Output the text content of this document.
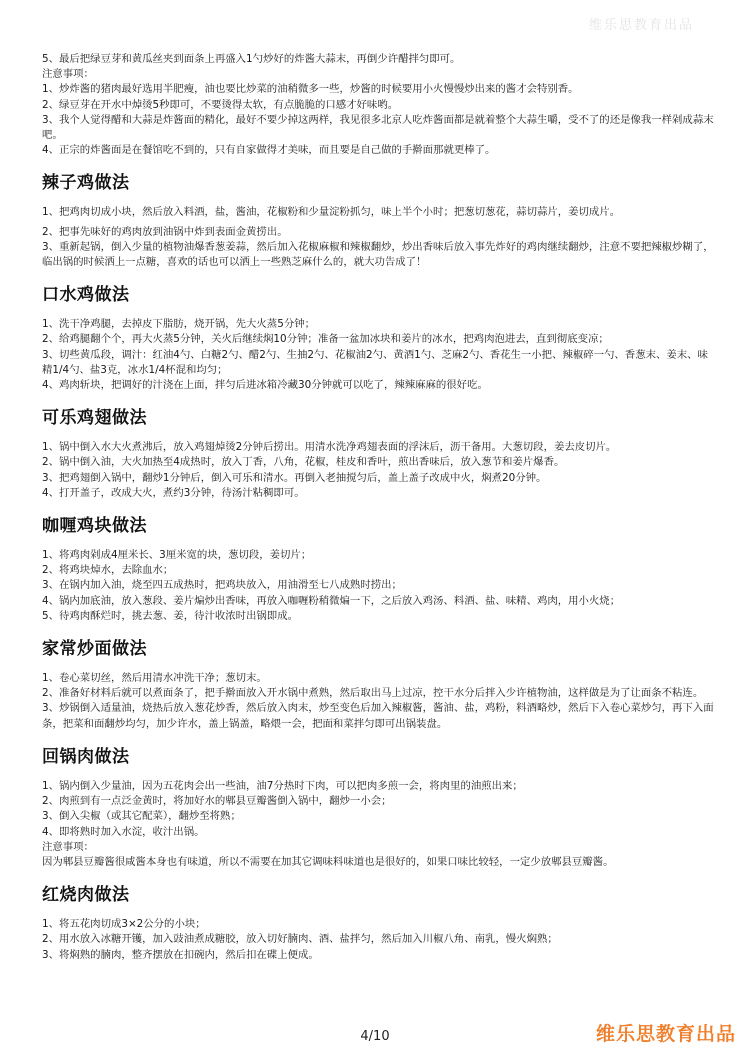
维乐思教育出品

5、最后把绿豆芽和黄瓜丝夹到面条上再盛入1勺炒好的炸酱大蒜末，再倒少许醋拌匀即可。

注意事项：

1、炒炸酱的猪肉最好选用半肥瘦，油也要比炒菜的油稍微多一些，炒酱的时候要用小火慢慢炒出来的酱才会特别香。

2、绿豆芽在开水中焯烫5秒即可，不要烫得太软，有点脆脆的口感才好味哟。

3、我个人觉得醋和大蒜是炸酱面的精化，最好不要少掉这两样，我见很多北京人吃炸酱面都是就着整个大蒜生嚼，受不了的还是像我一样剁成蒜末吧。

4、正宗的炸酱面是在餐馆吃不到的，只有自家做得才美味，而且要是自己做的手擀面那就更棒了。

辣子鸡做法

1、把鸡肉切成小块，然后放入料酒，盐，酱油，花椒粉和少量淀粉抓匀，味上半个小时；把葱切葱花，蒜切蒜片，姜切成片。

2、把事先味好的鸡肉放到油锅中炸到表面金黄捞出。

3、重新起锅，倒入少量的植物油爆香葱姜蒜，然后加入花椒麻椒和辣椒翻炒，炒出香味后放入事先炸好的鸡肉继续翻炒，注意不要把辣椒炒糊了，临出锅的时候洒上一点糖，喜欢的话也可以洒上一些熟芝麻什么的，就大功告成了！

口水鸡做法

1、洗干净鸡腿，去掉皮下脂肪，烧开锅，先大火蒸5分钟；

2、给鸡腿翻个个，再大火蒸5分钟，关火后继续焖10分钟；准备一盆加冰块和姜片的冰水，把鸡肉泡进去，直到彻底变凉；

3、切些黄瓜段，调汁：红油4勺、白糖2勺、醋2勺、生抽2勺、花椒油2勺、黄酒1勺、芝麻2勺、香花生一小把、辣椒碎一勺、香葱末、姜末、味精1/4勺、盐3克，冰水1/4杯混和均匀；

4、鸡肉斩块，把调好的汁浇在上面，拌匀后进冰箱冷藏30分钟就可以吃了，辣辣麻麻的很好吃。

可乐鸡翅做法

1、锅中倒入水大火煮沸后，放入鸡翅焯烫2分钟后捞出。用清水洗净鸡翅表面的浮沫后，沥干备用。大葱切段，姜去皮切片。

2、锅中倒入油，大火加热至4成热时，放入丁香，八角，花椒，桂皮和香叶，煎出香味后，放入葱节和姜片爆香。

3、把鸡翅倒入锅中，翻炒1分钟后，倒入可乐和清水。再倒入老抽搅匀后，盖上盖子改成中火，焖煮20分钟。

4、打开盖子，改成大火，煮约3分钟，待汤汁粘稠即可。

咖喱鸡块做法

1、将鸡肉剁成4厘米长、3厘米宽的块，葱切段，姜切片；

2、将鸡块焯水，去除血水；

3、在锅内加入油，烧至四五成热时，把鸡块放入，用油滑至七八成熟时捞出；

4、锅内加底油，放入葱段、姜片煸炒出香味，再放入咖喱粉稍微煸一下，之后放入鸡汤、料酒、盐、味精、鸡肉，用小火烧；

5、待鸡肉酥烂时，挑去葱、姜，待汁收浓时出锅即成。

家常炒面做法

1、卷心菜切丝，然后用清水冲洗干净；葱切末。

2、准备好材料后就可以煮面条了，把手擀面放入开水锅中煮熟，然后取出马上过凉，控干水分后拌入少许植物油，这样做是为了让面条不粘连。

3、炒锅倒入适量油，烧热后放入葱花炒香，然后放入肉末，炒至变色后加入辣椒酱，酱油、盐，鸡粉，料酒略炒，然后下入卷心菜炒匀，再下入面条，把菜和面翻炒均匀，加少许水，盖上锅盖，略煨一会，把面和菜拌匀即可出锅装盘。

回锅肉做法

1、锅内倒入少量油，因为五花肉会出一些油，油7分热时下肉，可以把肉多煎一会，将肉里的油煎出来；

2、肉煎到有一点泛金黄时，将加好水的郫县豆瓣酱倒入锅中，翻炒一小会；

3、倒入尖椒（或其它配菜），翻炒至将熟；

4、即将熟时加入水淀，收汁出锅。

注意事项：

因为郫县豆瓣酱很咸酱本身也有味道，所以不需要在加其它调味料味道也是很好的，如果口味比较轻，一定少放郫县豆瓣酱。

红烧肉做法

1、将五花肉切成3×2公分的小块；

2、用水放入冰糖开镬，加入豉油煮成糖胶，放入切好腩肉、酒、盐拌匀，然后加入川椒八角、南乳，慢火焖熟；

3、将焖熟的腩肉，整齐摆放在扣碗内，然后扣在碟上便成。

4/10	维乐思教育出品
